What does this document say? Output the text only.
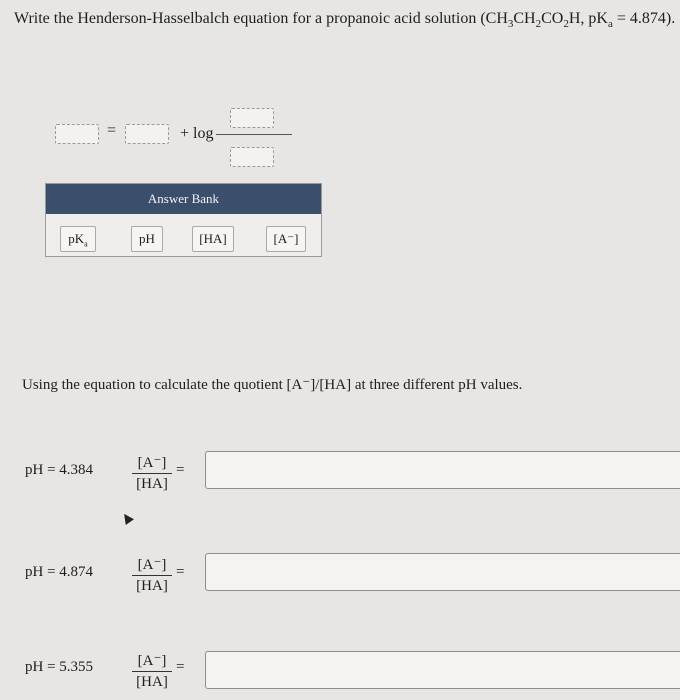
Write the Henderson-Hasselbalch equation for a propanoic acid solution ($CH_3CH_2CO_2H$, $pK_a = 4.874$).
=	+ log
Answer Bank
$pK_a$	pH	[HA]	[A⁻]
Using the equation to calculate the quotient [A⁻]/[HA] at three different pH values.
pH = 4.384	[A⁻]
[HA]
=
pH = 4.874	[A⁻]
[HA]
=
pH = 5.355	[A⁻]
[HA]
=
